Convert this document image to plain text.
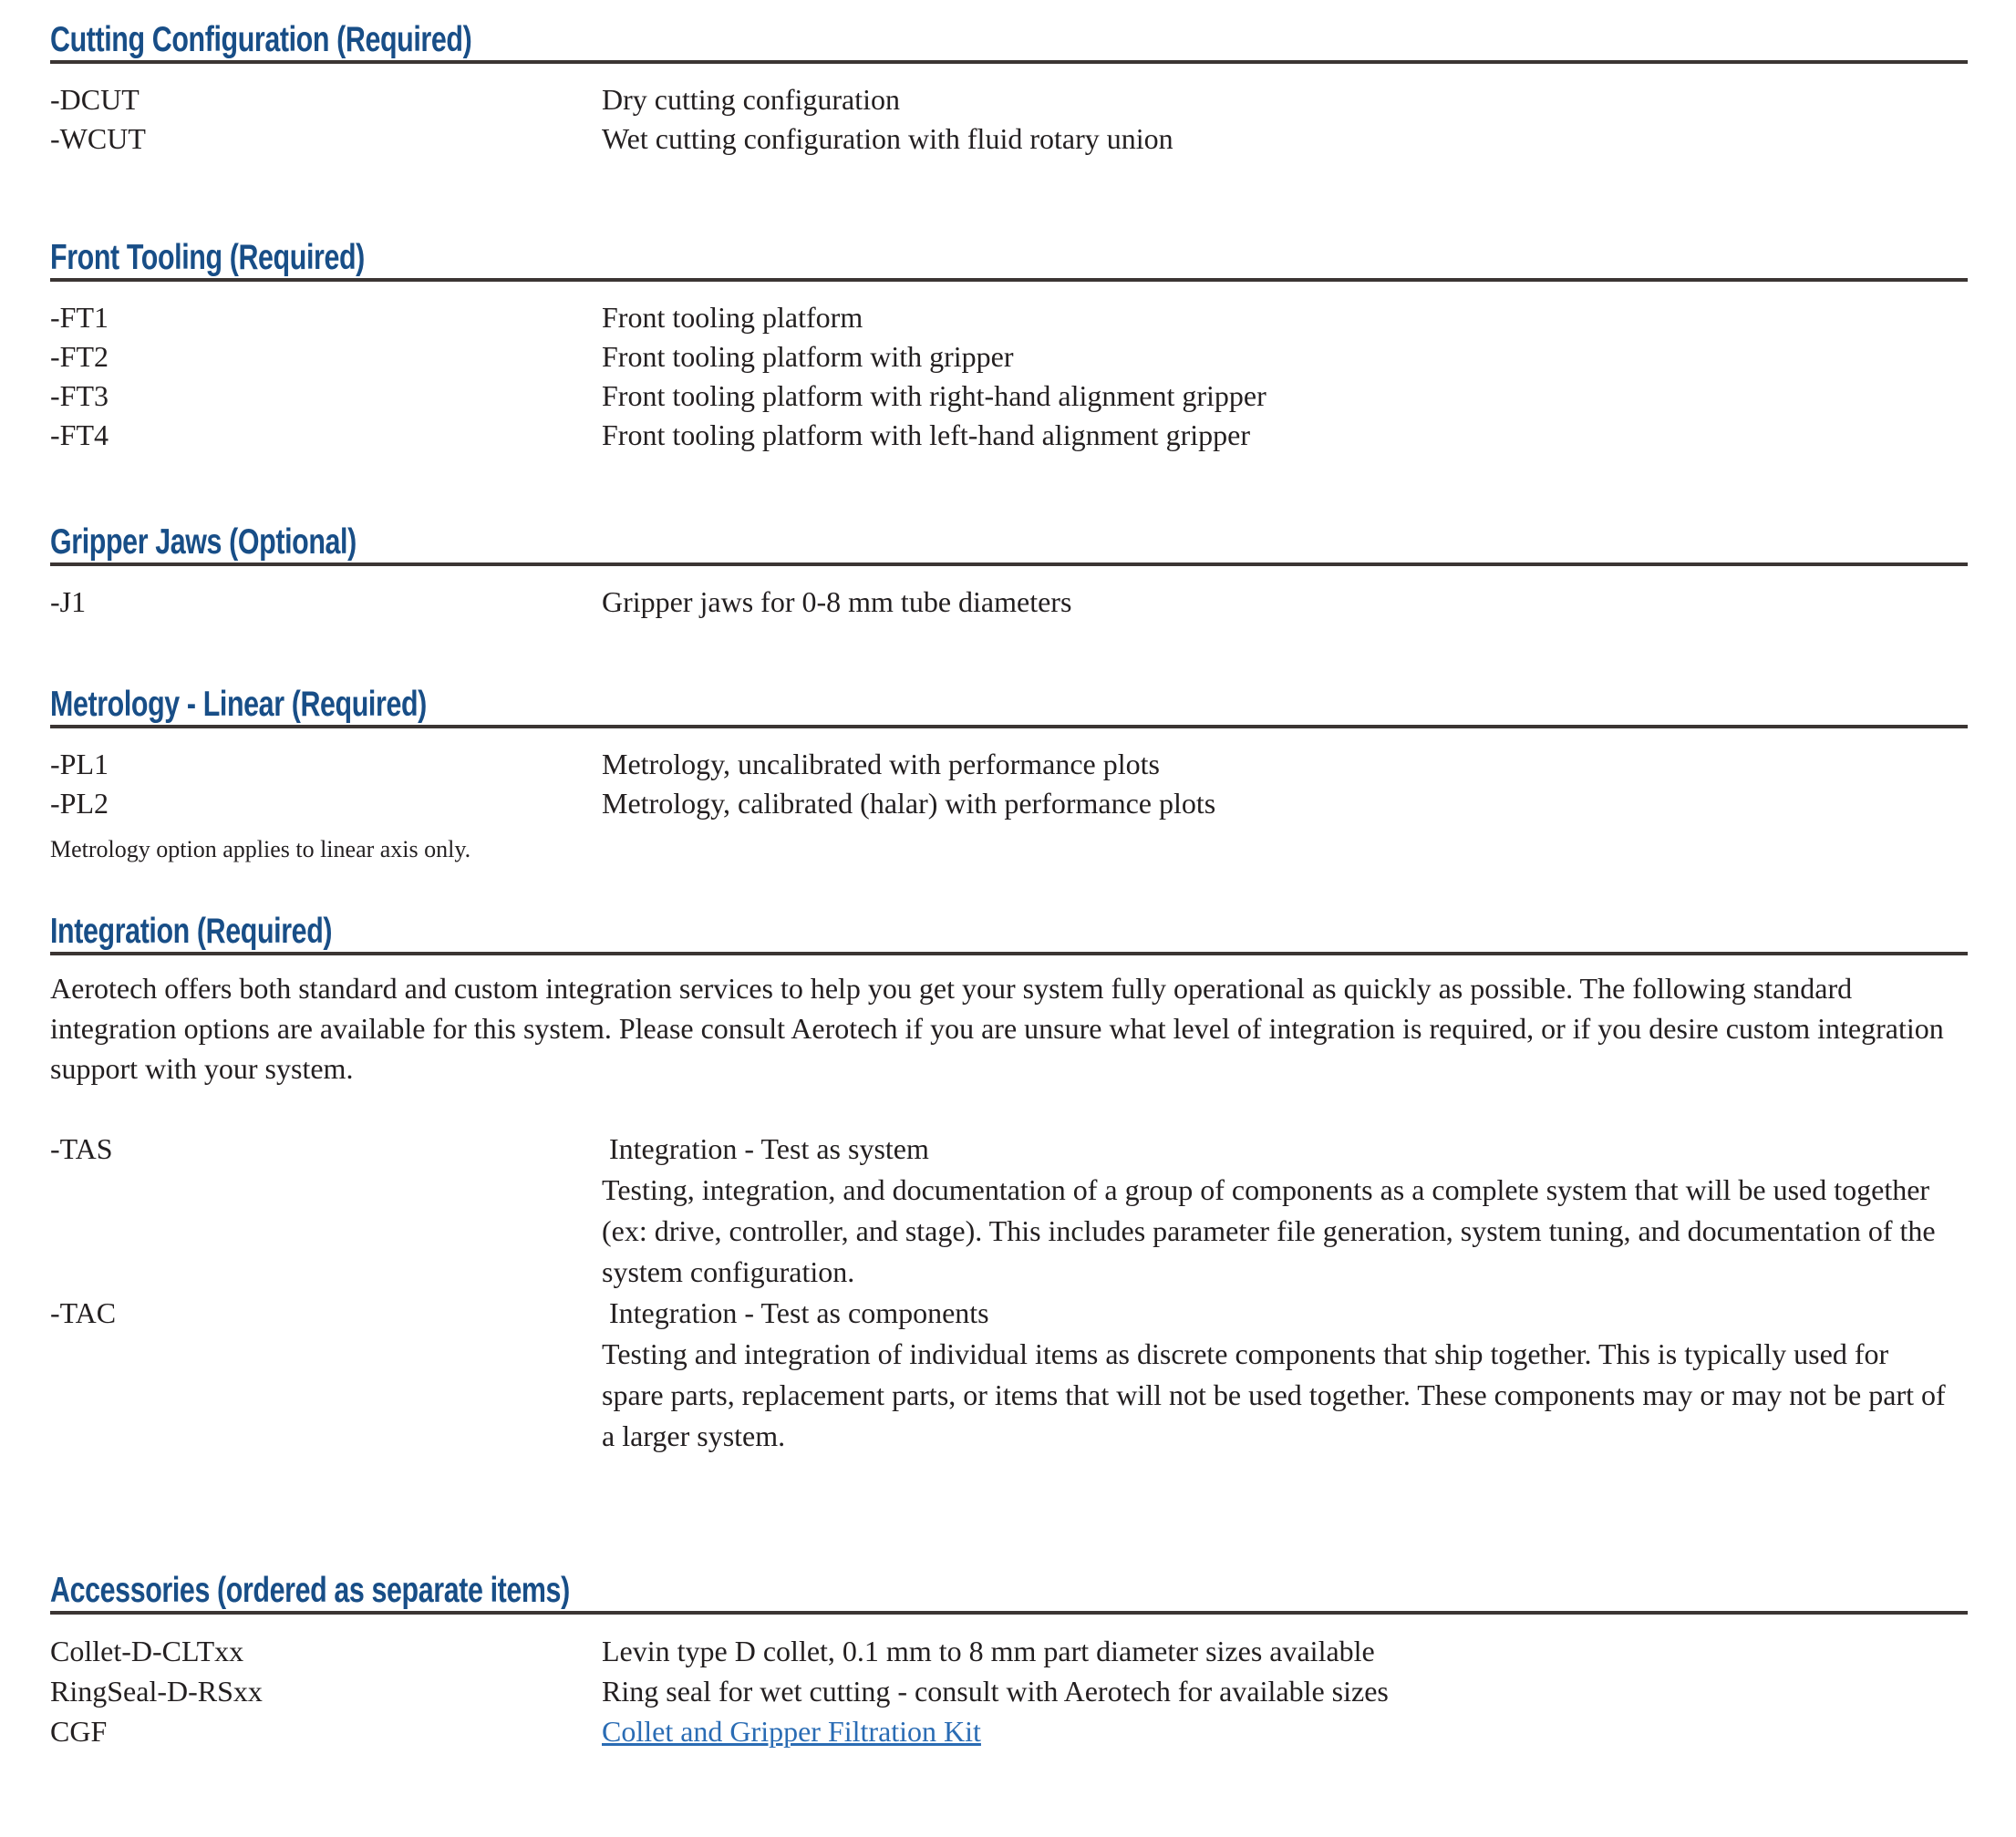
Cutting Configuration (Required)
-DCUT	Dry cutting configuration
-WCUT	Wet cutting configuration with fluid rotary union
Front Tooling (Required)
-FT1	Front tooling platform
-FT2	Front tooling platform with gripper
-FT3	Front tooling platform with right-hand alignment gripper
-FT4	Front tooling platform with left-hand alignment gripper
Gripper Jaws (Optional)
-J1	Gripper jaws for 0-8 mm tube diameters
Metrology - Linear (Required)
-PL1	Metrology, uncalibrated with performance plots
-PL2	Metrology, calibrated (halar) with performance plots
Metrology option applies to linear axis only.
Integration (Required)

Aerotech offers both standard and custom integration services to help you get your system fully operational as quickly as possible. The following standard integration options are available for this system. Please consult Aerotech if you are unsure what level of integration is required, or if you desire custom integration support with your system.

-TAS	Integration - Test as system
Testing, integration, and documentation of a group of components as a complete system that will be used together (ex: drive, controller, and stage). This includes parameter file generation, system tuning, and documentation of the system configuration.
-TAC	Integration - Test as components
Testing and integration of individual items as discrete components that ship together. This is typically used for spare parts, replacement parts, or items that will not be used together. These components may or may not be part of a larger system.
Accessories (ordered as separate items)
Collet-D-CLTxx	Levin type D collet, 0.1 mm to 8 mm part diameter sizes available
RingSeal-D-RSxx	Ring seal for wet cutting - consult with Aerotech for available sizes
CGF	Collet and Gripper Filtration Kit
